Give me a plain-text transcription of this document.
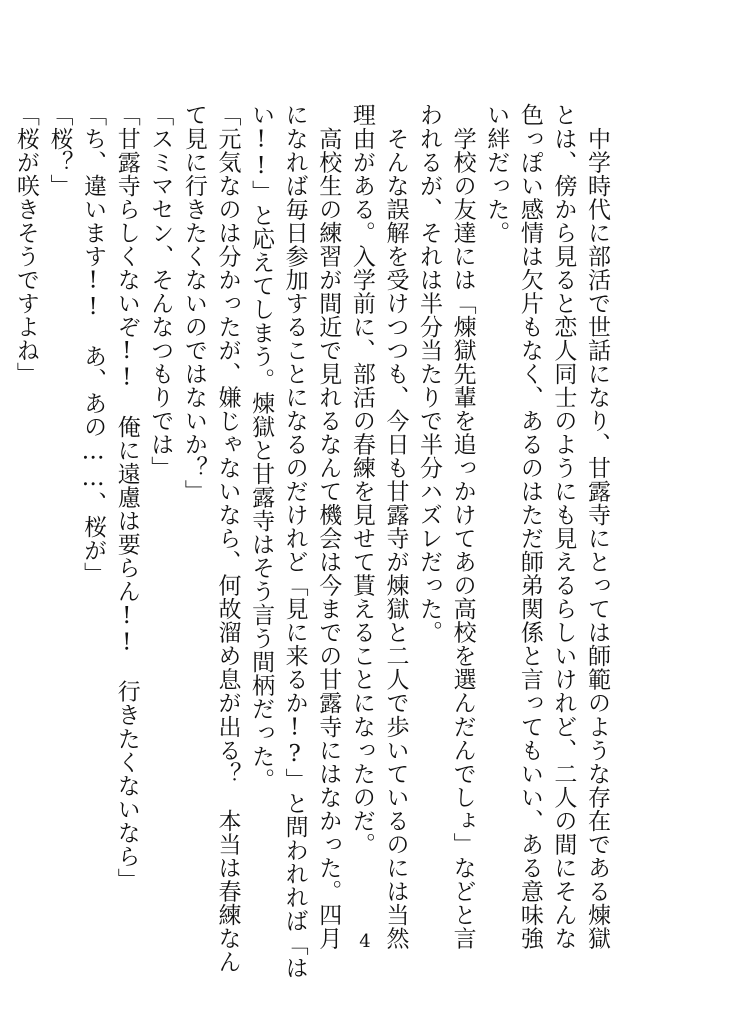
　中学時代に部活で世話になり、甘露寺にとっては師範のような存在である煉獄
とは、傍から見ると恋人同士のようにも見えるらしいけれど、二人の間にそんな
色っぽい感情は欠片もなく、あるのはただ師弟関係と言ってもいい、ある意味強
い絆だった。
　学校の友達には「煉獄先輩を追っかけてあの高校を選んだんでしょ」などと言
われるが、それは半分当たりで半分ハズレだった。
　そんな誤解を受けつつも、今日も甘露寺が煉獄と二人で歩いているのには当然
理由がある。入学前に、部活の春練を見せて貰えることになったのだ。
　高校生の練習が間近で見れるなんて機会は今までの甘露寺にはなかった。四月
になれば毎日参加することになるのだけれど「見に来るか!?」と問われれば「は
い!!」と応えてしまう。煉獄と甘露寺はそう言う間柄だった。
「元気なのは分かったが、嫌じゃないなら、何故溜め息が出る？　本当は春練なん
て見に行きたくないのではないか？」
「スミマセン、そんなつもりでは」
「甘露寺らしくないぞ!!　俺に遠慮は要らん!!　行きたくないなら」
「ち、違います!!　あ、あの……、桜が」
「桜？」
「桜が咲きそうですよね」
4
